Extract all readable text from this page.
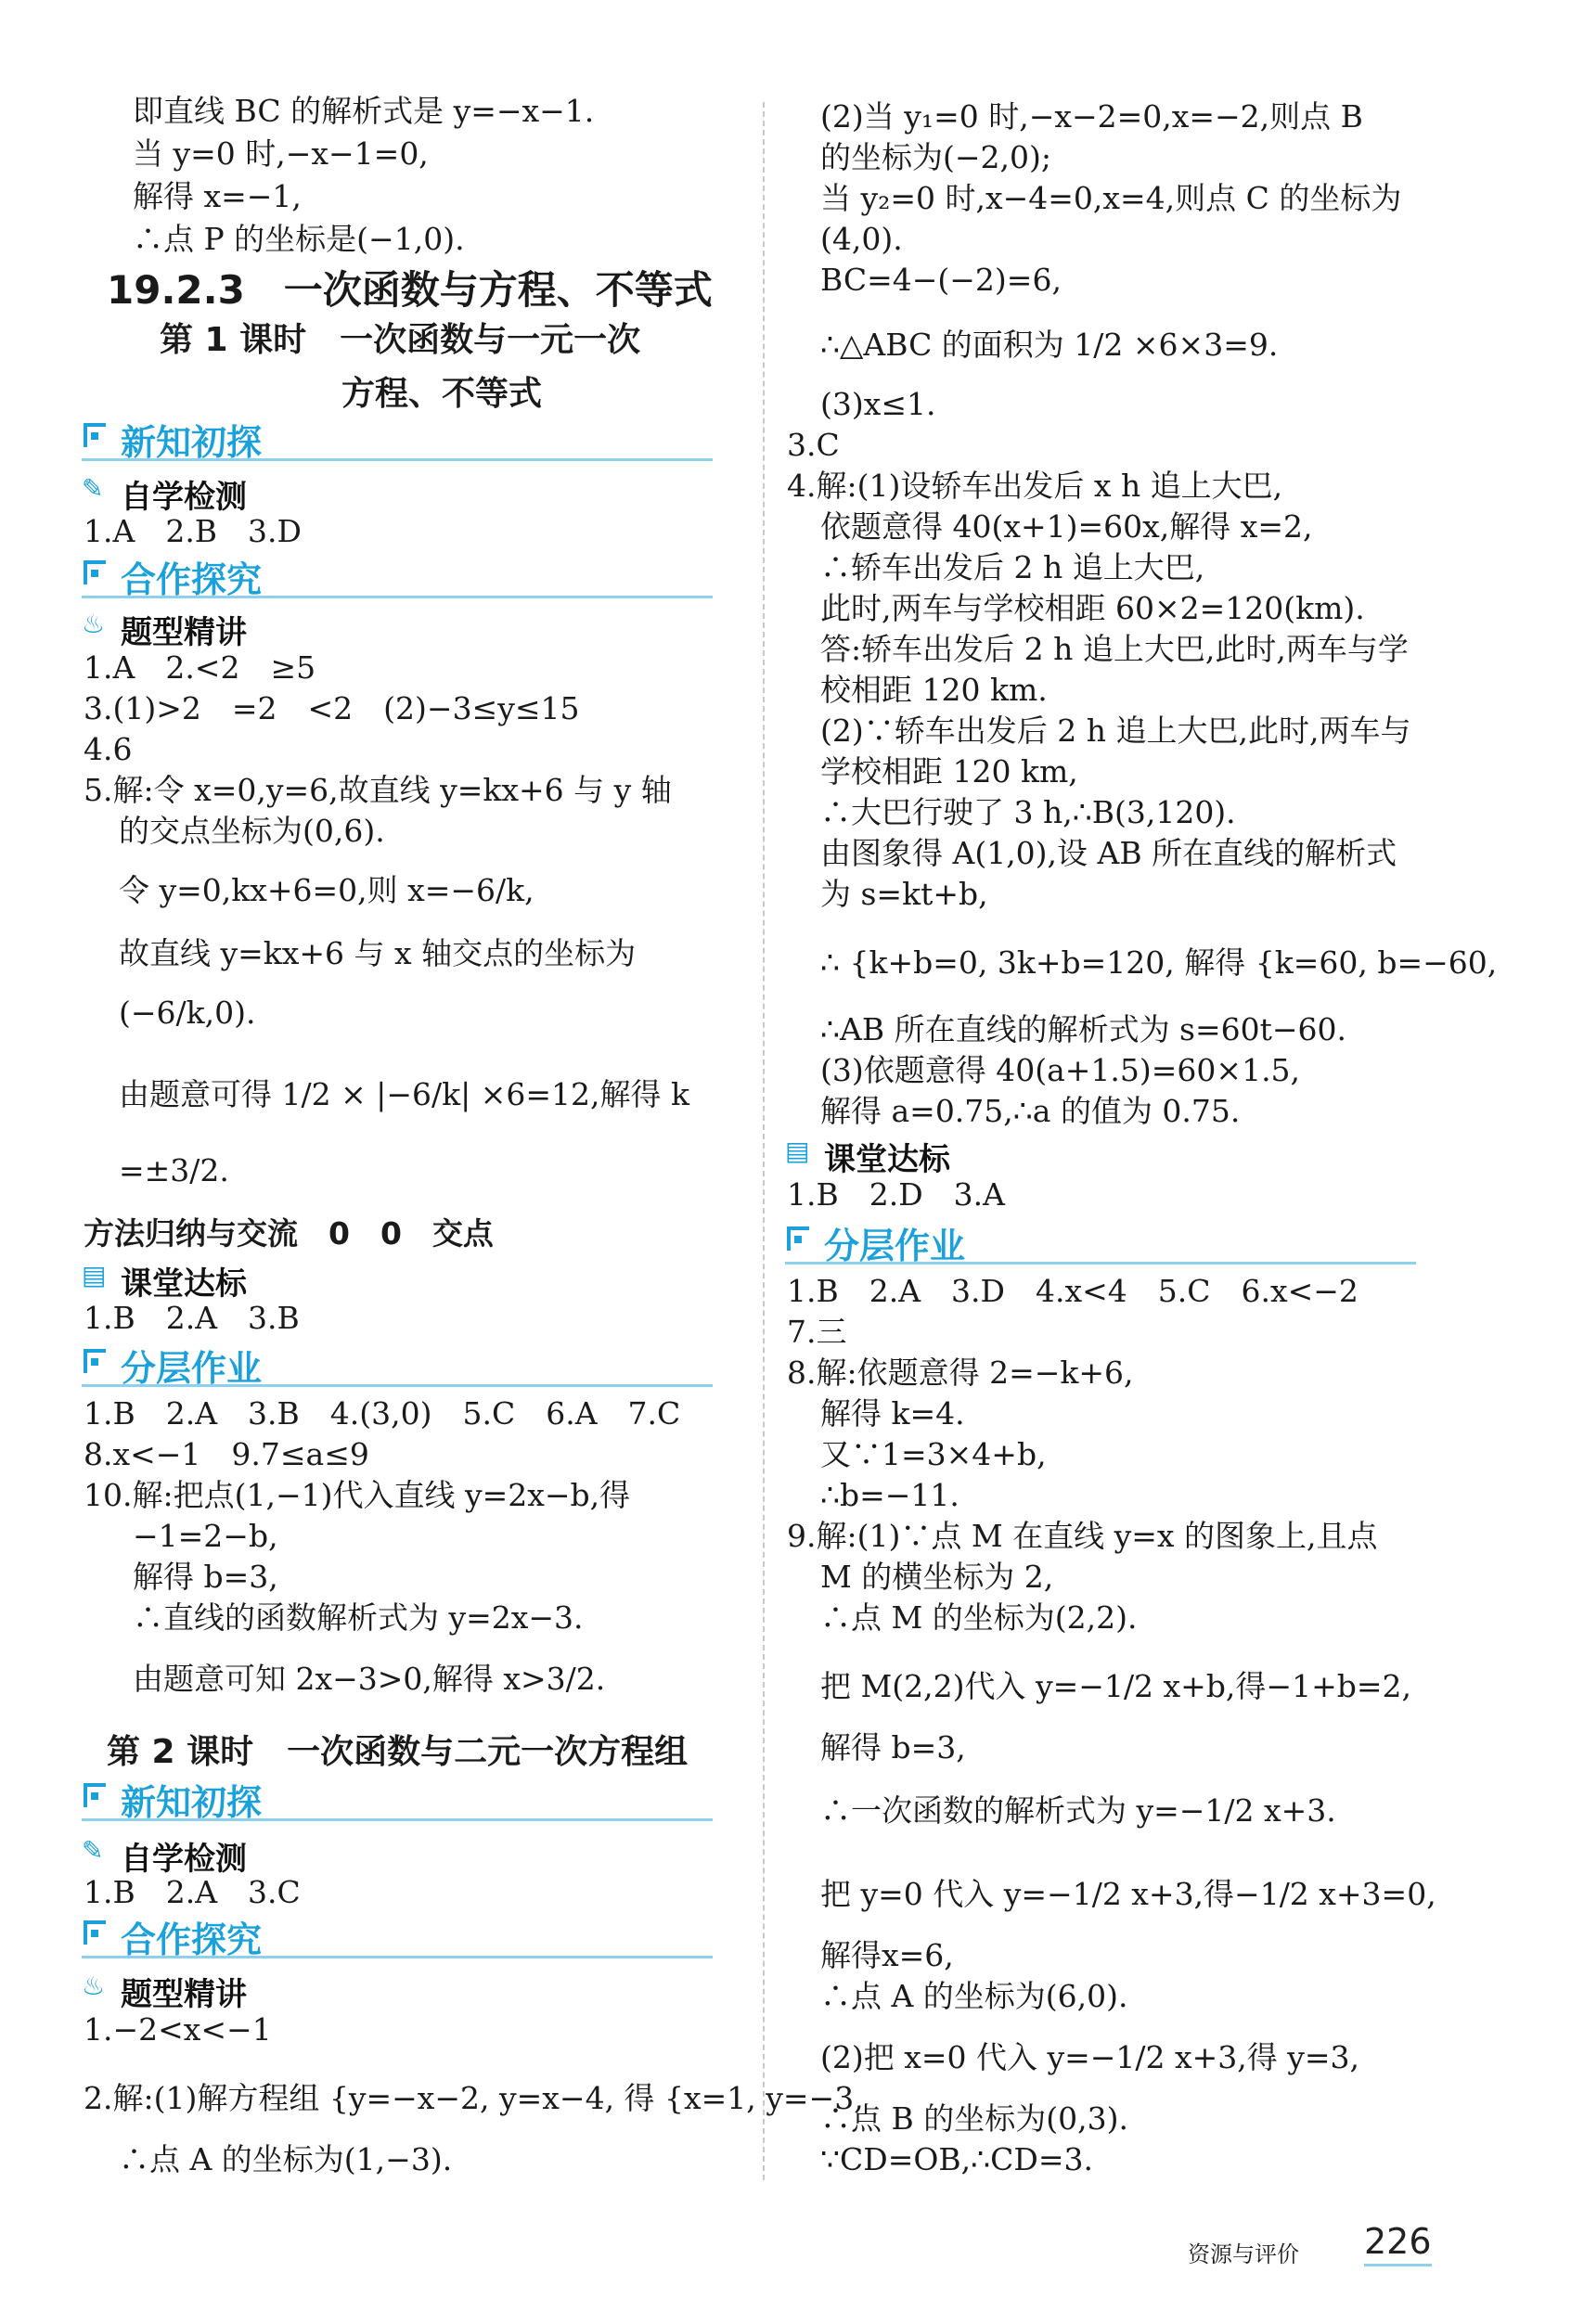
即直线 BC 的解析式是 y=−x−1.
当 y=0 时,−x−1=0,
解得 x=−1,
∴点 P 的坐标是(−1,0).
19.2.3　一次函数与方程、不等式
第 1 课时　一次函数与一元一次
方程、不等式
新知初探
✎ 自学检测
1.A　2.B　3.D
合作探究
♨ 题型精讲
1.A　2.<2　≥5
3.(1)>2　=2　<2　(2)−3≤y≤15
4.6
5.解:令 x=0,y=6,故直线 y=kx+6 与 y 轴
的交点坐标为(0,6).
令 y=0,kx+6=0,则 x=−6/k,
故直线 y=kx+6 与 x 轴交点的坐标为
(−6/k,0).
由题意可得 1/2 × |−6/k| ×6=12,解得 k
=±3/2.
方法归纳与交流　0　0　交点
▤ 课堂达标
1.B　2.A　3.B
分层作业
1.B　2.A　3.B　4.(3,0)　5.C　6.A　7.C
8.x<−1　9.7≤a≤9
10.解:把点(1,−1)代入直线 y=2x−b,得
−1=2−b,
解得 b=3,
∴直线的函数解析式为 y=2x−3.
由题意可知 2x−3>0,解得 x>3/2.
第 2 课时　一次函数与二元一次方程组
新知初探
✎ 自学检测
1.B　2.A　3.C
合作探究
♨ 题型精讲
1.−2<x<−1
2.解:(1)解方程组 {y=−x−2, y=x−4, 得 {x=1, y=−3,
∴点 A 的坐标为(1,−3).
(2)当 y₁=0 时,−x−2=0,x=−2,则点 B
的坐标为(−2,0);
当 y₂=0 时,x−4=0,x=4,则点 C 的坐标为
(4,0).
BC=4−(−2)=6,
∴△ABC 的面积为 1/2 ×6×3=9.
(3)x≤1.
3.C
4.解:(1)设轿车出发后 x h 追上大巴,
依题意得 40(x+1)=60x,解得 x=2,
∴轿车出发后 2 h 追上大巴,
此时,两车与学校相距 60×2=120(km).
答:轿车出发后 2 h 追上大巴,此时,两车与学
校相距 120 km.
(2)∵轿车出发后 2 h 追上大巴,此时,两车与
学校相距 120 km,
∴大巴行驶了 3 h,∴B(3,120).
由图象得 A(1,0),设 AB 所在直线的解析式
为 s=kt+b,
∴ {k+b=0, 3k+b=120, 解得 {k=60, b=−60,
∴AB 所在直线的解析式为 s=60t−60.
(3)依题意得 40(a+1.5)=60×1.5,
解得 a=0.75,∴a 的值为 0.75.
▤ 课堂达标
1.B　2.D　3.A
分层作业
1.B　2.A　3.D　4.x<4　5.C　6.x<−2
7.三
8.解:依题意得 2=−k+6,
解得 k=4.
又∵1=3×4+b,
∴b=−11.
9.解:(1)∵点 M 在直线 y=x 的图象上,且点
M 的横坐标为 2,
∴点 M 的坐标为(2,2).
把 M(2,2)代入 y=−1/2 x+b,得−1+b=2,
解得 b=3,
∴一次函数的解析式为 y=−1/2 x+3.
把 y=0 代入 y=−1/2 x+3,得−1/2 x+3=0,
解得x=6,
∴点 A 的坐标为(6,0).
(2)把 x=0 代入 y=−1/2 x+3,得 y=3,
∴点 B 的坐标为(0,3).
∵CD=OB,∴CD=3.
资源与评价 226
